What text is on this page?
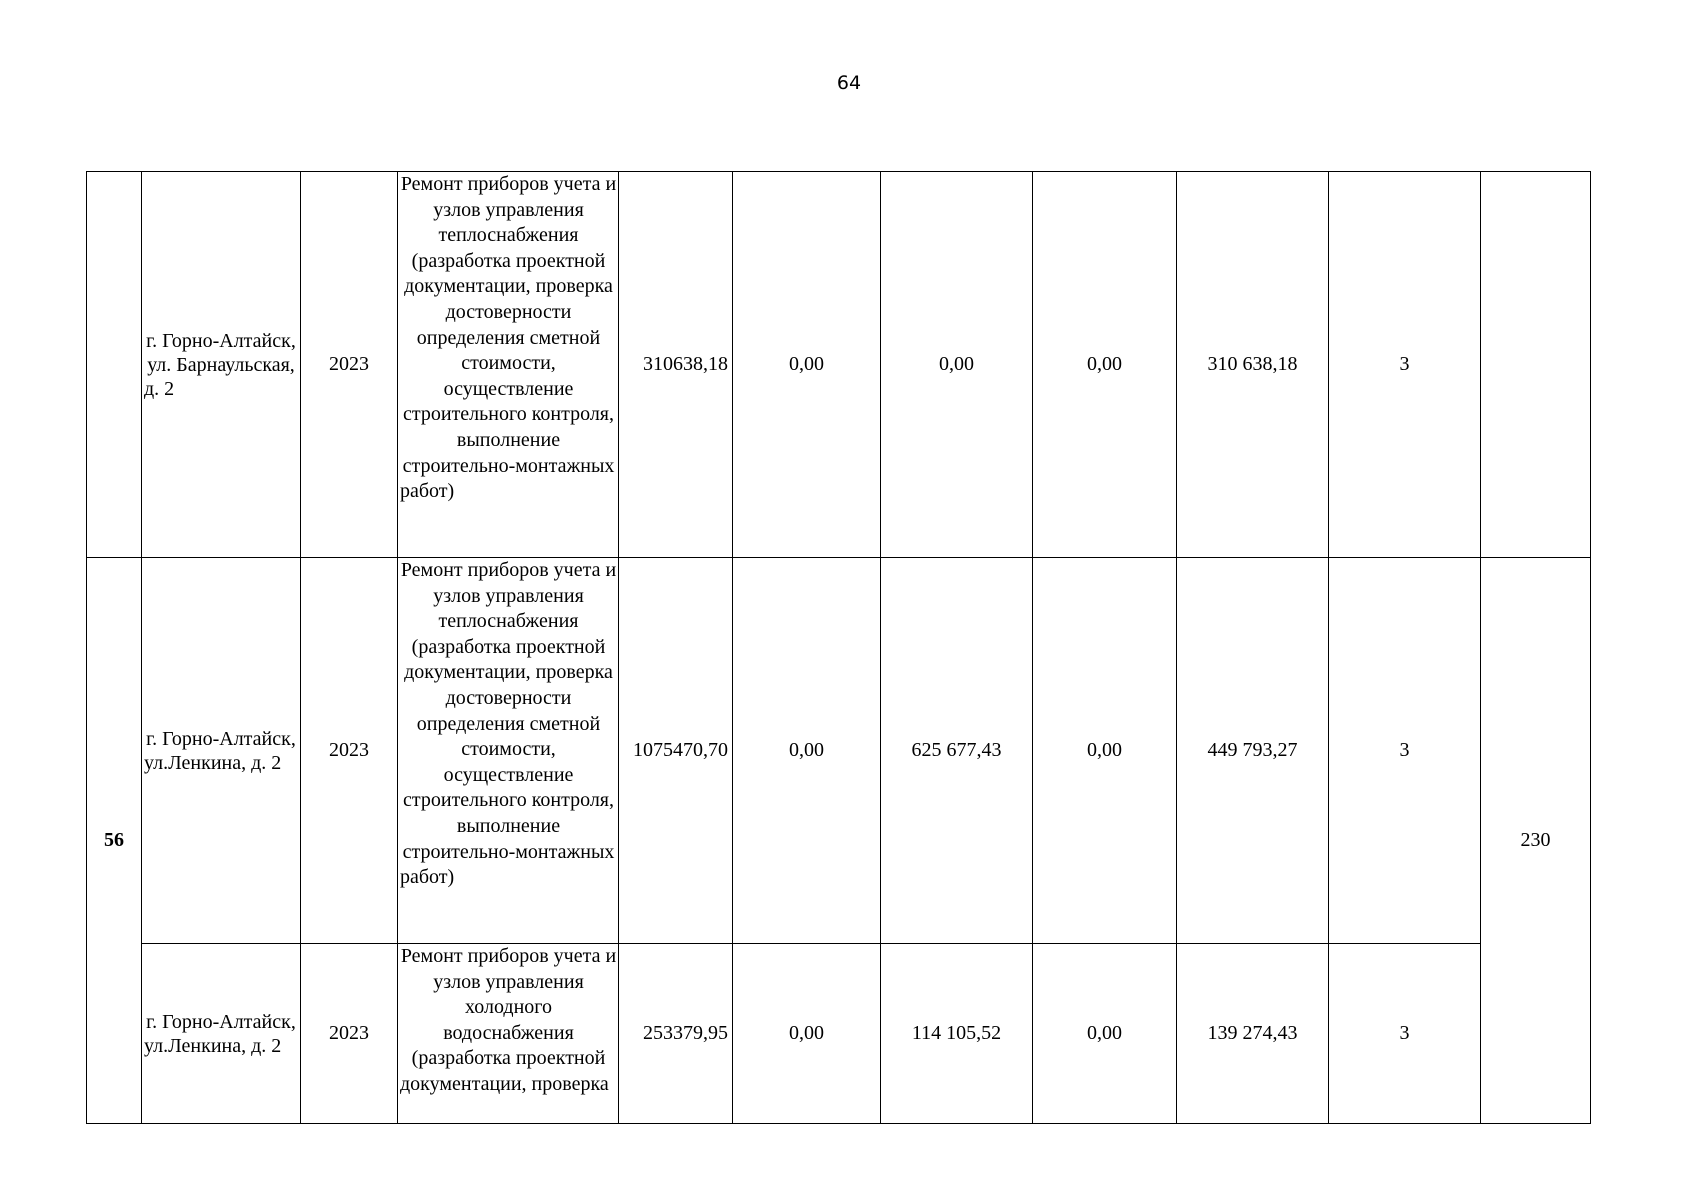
64
	г. Горно-Алтайск, ул. Барнаульская, д. 2	2023	Ремонт приборов учета и узлов управления теплоснабжения (разработка проектной документации, проверка достоверности определения сметной стоимости, осуществление строительного контроля, выполнение строительно-монтажных работ)	310638,18	0,00	0,00	0,00	310 638,18	3	
56	г. Горно-Алтайск, ул.Ленкина, д. 2	2023	Ремонт приборов учета и узлов управления теплоснабжения (разработка проектной документации, проверка достоверности определения сметной стоимости, осуществление строительного контроля, выполнение строительно-монтажных работ)	1075470,70	0,00	625 677,43	0,00	449 793,27	3	230
	г. Горно-Алтайск, ул.Ленкина, д. 2	2023	Ремонт приборов учета и узлов управления холодного водоснабжения (разработка проектной документации, проверка	253379,95	0,00	114 105,52	0,00	139 274,43	3	
